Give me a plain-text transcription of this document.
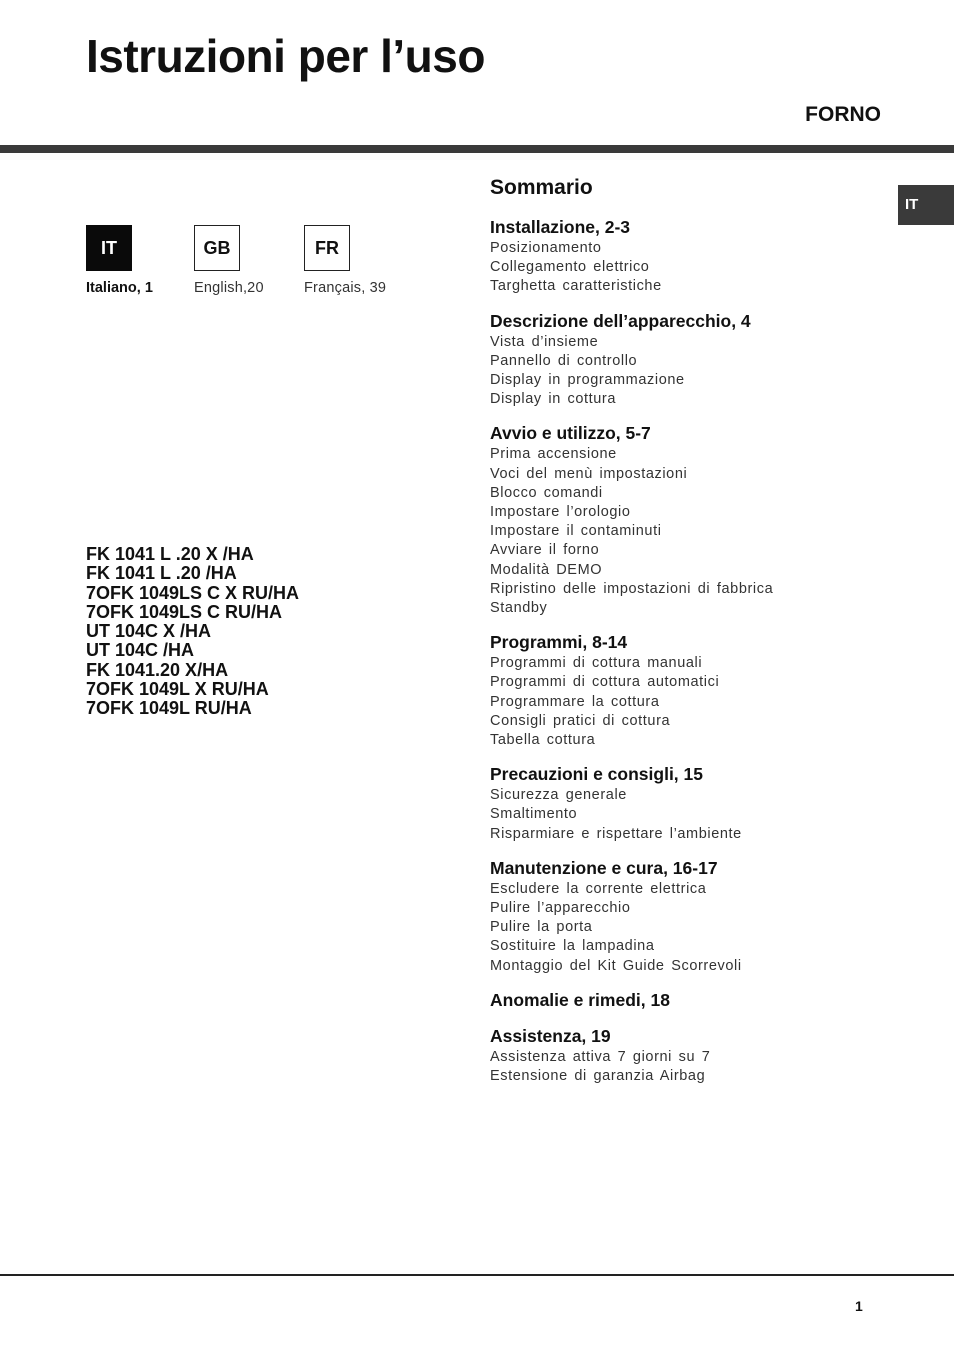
Istruzioni per l’uso
FORNO
IT
IT	GB	FR
Italiano, 1	English,20	Français, 39
FK 1041 L .20 X /HA
FK 1041 L .20 /HA
7OFK 1049LS C X RU/HA
7OFK 1049LS C RU/HA
UT 104C X /HA
UT 104C /HA
FK 1041.20 X/HA
7OFK 1049L X RU/HA
7OFK 1049L RU/HA
Sommario
Installazione, 2-3
Posizionamento
Collegamento elettrico
Targhetta caratteristiche
Descrizione dell’apparecchio, 4
Vista d’insieme
Pannello di controllo
Display in programmazione
Display in cottura
Avvio e utilizzo, 5-7
Prima accensione
Voci del menù impostazioni
Blocco comandi
Impostare l’orologio
Impostare il contaminuti
Avviare il forno
Modalità DEMO
Ripristino delle impostazioni di fabbrica
Standby
Programmi, 8-14
Programmi di cottura manuali
Programmi di cottura automatici
Programmare la cottura
Consigli pratici di cottura
Tabella cottura
Precauzioni e consigli, 15
Sicurezza generale
Smaltimento
Risparmiare e rispettare l’ambiente
Manutenzione e cura, 16-17
Escludere la corrente elettrica
Pulire l’apparecchio
Pulire la porta
Sostituire la lampadina
Montaggio del Kit Guide Scorrevoli
Anomalie e rimedi, 18
Assistenza, 19
Assistenza attiva 7 giorni su 7
Estensione di garanzia Airbag
1
